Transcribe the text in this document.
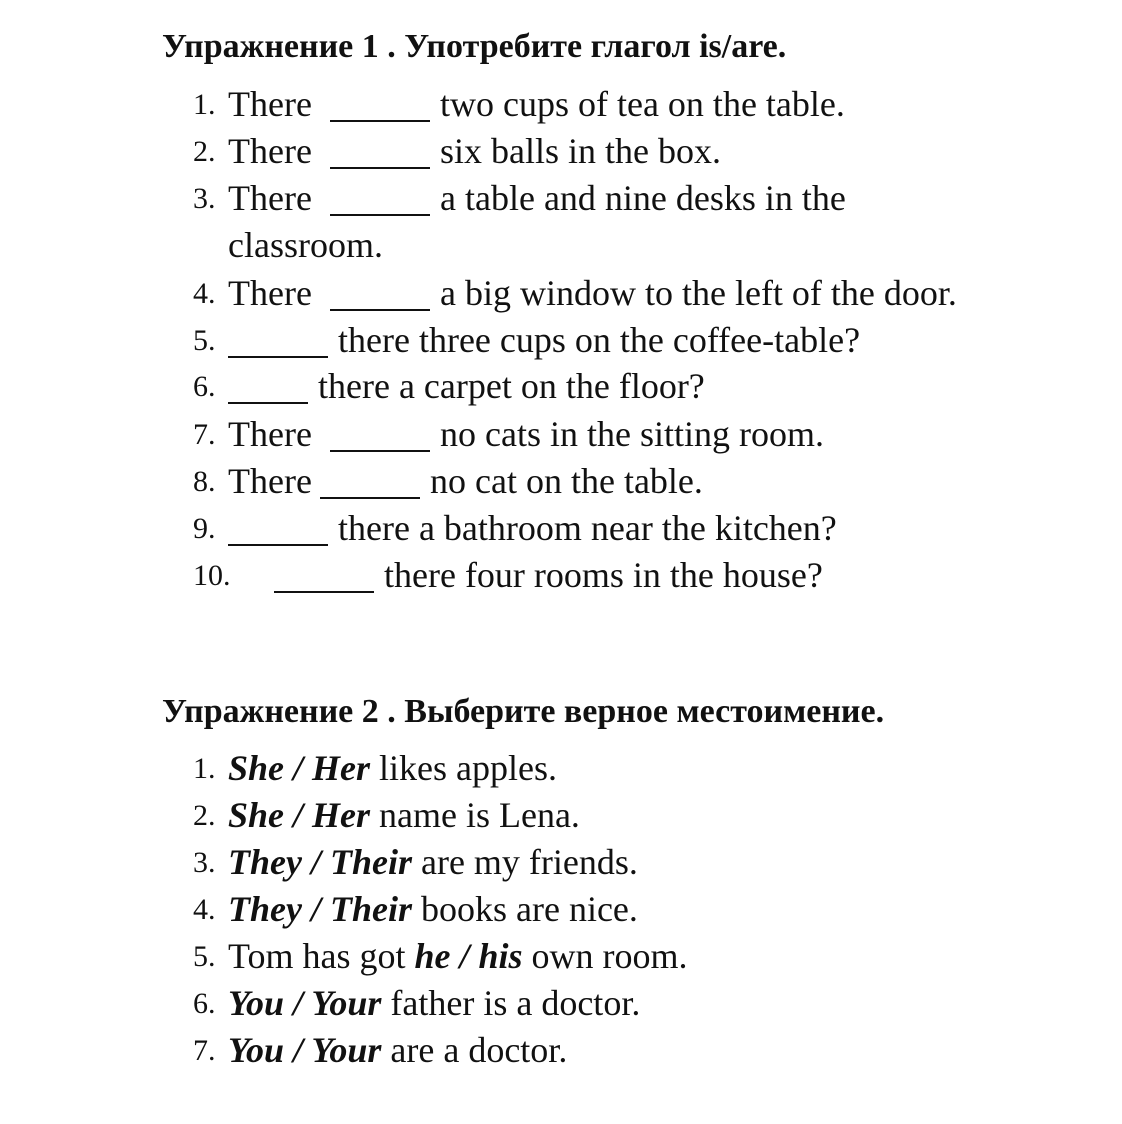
Упражнение 1 . Употребите глагол is/are.
1. There	two cups of tea on the table.
2. There	six balls in the box.
3. There	a table and nine desks in the
classroom.
4. There	a big window to the left of the door.
5.	there three cups on the coffee-table?
6.	there a carpet on the floor?
7. There	no cats in the sitting room.
8. There	no cat on the table.
9.	there a bathroom near the kitchen?
10.	there four rooms in the house?
Упражнение 2 . Выберите верное местоимение.
1. She / Her likes apples.
2. She / Her name is Lena.
3. They / Their are my friends.
4. They / Their books are nice.
5. Tom has got he / his own room.
6. You / Your father is a doctor.
7. You / Your are a doctor.
